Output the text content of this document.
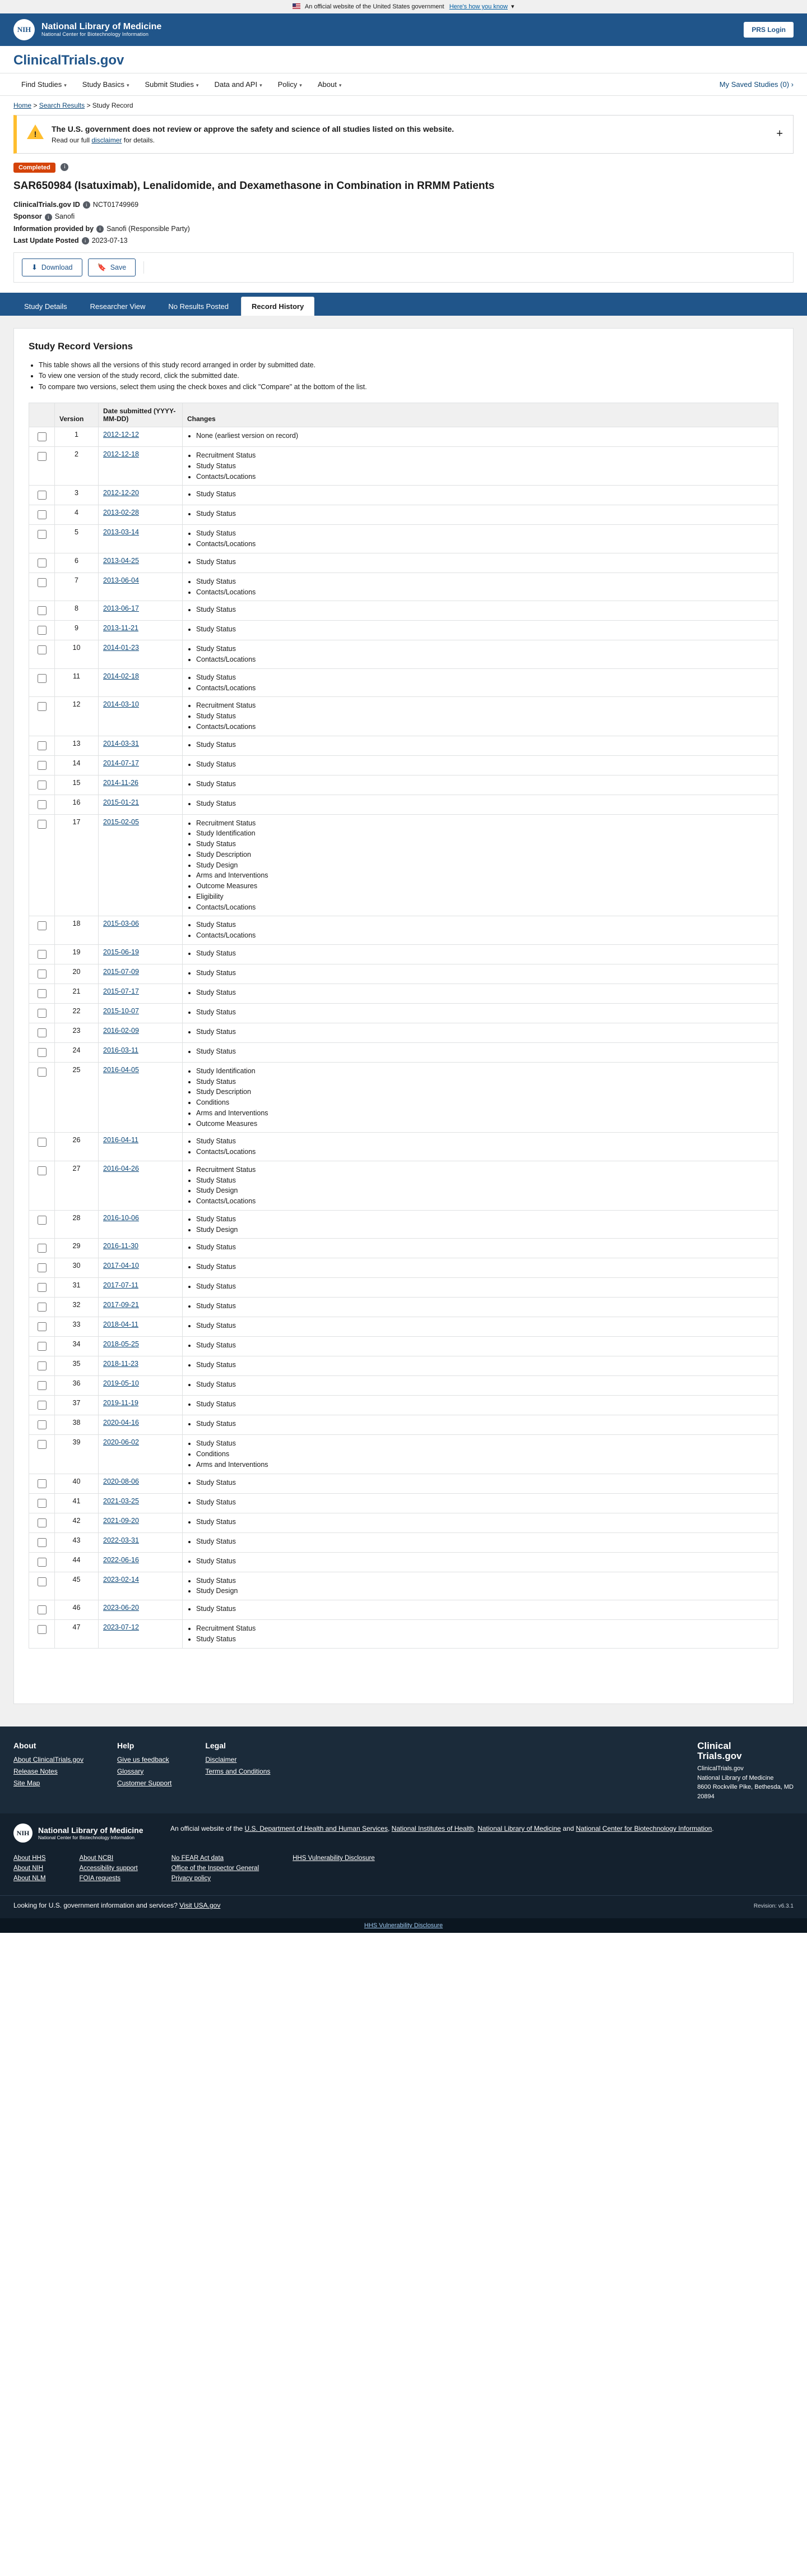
An official website of the United States government Here's how you know  ▾
NIH	National Library of Medicine
National Center for Biotechnology Information
PRS Login
ClinicalTrials.gov
Find Studies ▾	Study Basics ▾	Submit Studies ▾	Data and API ▾	Policy ▾	About ▾	My Saved Studies (0) ›
Home > Search Results > Study Record
!
The U.S. government does not review or approve the safety and science of all studies listed on this website.
Read our full disclaimer for details.	+
Completed i
SAR650984 (Isatuximab), Lenalidomide, and Dexamethasone in Combination in RRMM Patients
ClinicalTrials.gov ID i NCT01749969
Sponsor i Sanofi
Information provided by i Sanofi (Responsible Party)
Last Update Posted i 2023-07-13
⬇ Download	🔖 Save
Study Details	Researcher View	No Results Posted	Record History
Study Record Versions
• This table shows all the versions of this study record arranged in order by submitted date.
• To view one version of the study record, click the submitted date.
• To compare two versions, select them using the check boxes and click "Compare" at the bottom of the list.
	Version	Date submitted (YYYY-MM-DD)	Changes
	1	2012-12-12	
•None (earliest version on record)

	2	2012-12-18	
•Recruitment Status
• Study Status
• Contacts/Locations

	3	2012-12-20	
•Study Status

	4	2013-02-28	
•Study Status

	5	2013-03-14	
•Study Status
• Contacts/Locations

	6	2013-04-25	
•Study Status

	7	2013-06-04	
•Study Status
• Contacts/Locations

	8	2013-06-17	
•Study Status

	9	2013-11-21	
•Study Status

	10	2014-01-23	
•Study Status
• Contacts/Locations

	11	2014-02-18	
•Study Status
• Contacts/Locations

	12	2014-03-10	
•Recruitment Status
• Study Status
• Contacts/Locations

	13	2014-03-31	
•Study Status

	14	2014-07-17	
•Study Status

	15	2014-11-26	
•Study Status

	16	2015-01-21	
•Study Status

	17	2015-02-05	
•Recruitment Status
• Study Identification
• Study Status
• Study Description
• Study Design
• Arms and Interventions
• Outcome Measures
• Eligibility
• Contacts/Locations

	18	2015-03-06	
•Study Status
• Contacts/Locations

	19	2015-06-19	
•Study Status

	20	2015-07-09	
•Study Status

	21	2015-07-17	
•Study Status

	22	2015-10-07	
•Study Status

	23	2016-02-09	
•Study Status

	24	2016-03-11	
•Study Status

	25	2016-04-05	
•Study Identification
• Study Status
• Study Description
• Conditions
• Arms and Interventions
• Outcome Measures

	26	2016-04-11	
•Study Status
• Contacts/Locations

	27	2016-04-26	
•Recruitment Status
• Study Status
• Study Design
• Contacts/Locations

	28	2016-10-06	
•Study Status
• Study Design

	29	2016-11-30	
•Study Status

	30	2017-04-10	
•Study Status

	31	2017-07-11	
•Study Status

	32	2017-09-21	
•Study Status

	33	2018-04-11	
•Study Status

	34	2018-05-25	
•Study Status

	35	2018-11-23	
•Study Status

	36	2019-05-10	
•Study Status

	37	2019-11-19	
•Study Status

	38	2020-04-16	
•Study Status

	39	2020-06-02	
•Study Status
• Conditions
• Arms and Interventions

	40	2020-08-06	
•Study Status

	41	2021-03-25	
•Study Status

	42	2021-09-20	
•Study Status

	43	2022-03-31	
•Study Status

	44	2022-06-16	
•Study Status

	45	2023-02-14	
•Study Status
• Study Design

	46	2023-06-20	
•Study Status

	47	2023-07-12	
•Recruitment Status
• Study Status
About
About ClinicalTrials.gov
Release Notes
Site Map
Help
Give us feedback
Glossary
Customer Support
Legal
Disclaimer
Terms and Conditions
Clinical
Trials.gov
ClinicalTrials.gov
National Library of Medicine
8600 Rockville Pike, Bethesda, MD
20894
NIH	National Library of Medicine
National Center for Biotechnology Information
An official website of the U.S. Department of Health and Human Services, National Institutes of Health, National Library of Medicine and National Center for Biotechnology Information.
About HHS
About NIH
About NLM
About NCBI
Accessibility support
FOIA requests
No FEAR Act data
Office of the Inspector General
Privacy policy
HHS Vulnerability Disclosure
Looking for U.S. government information and services? Visit USA.gov	Revision: v6.3.1
HHS Vulnerability Disclosure
